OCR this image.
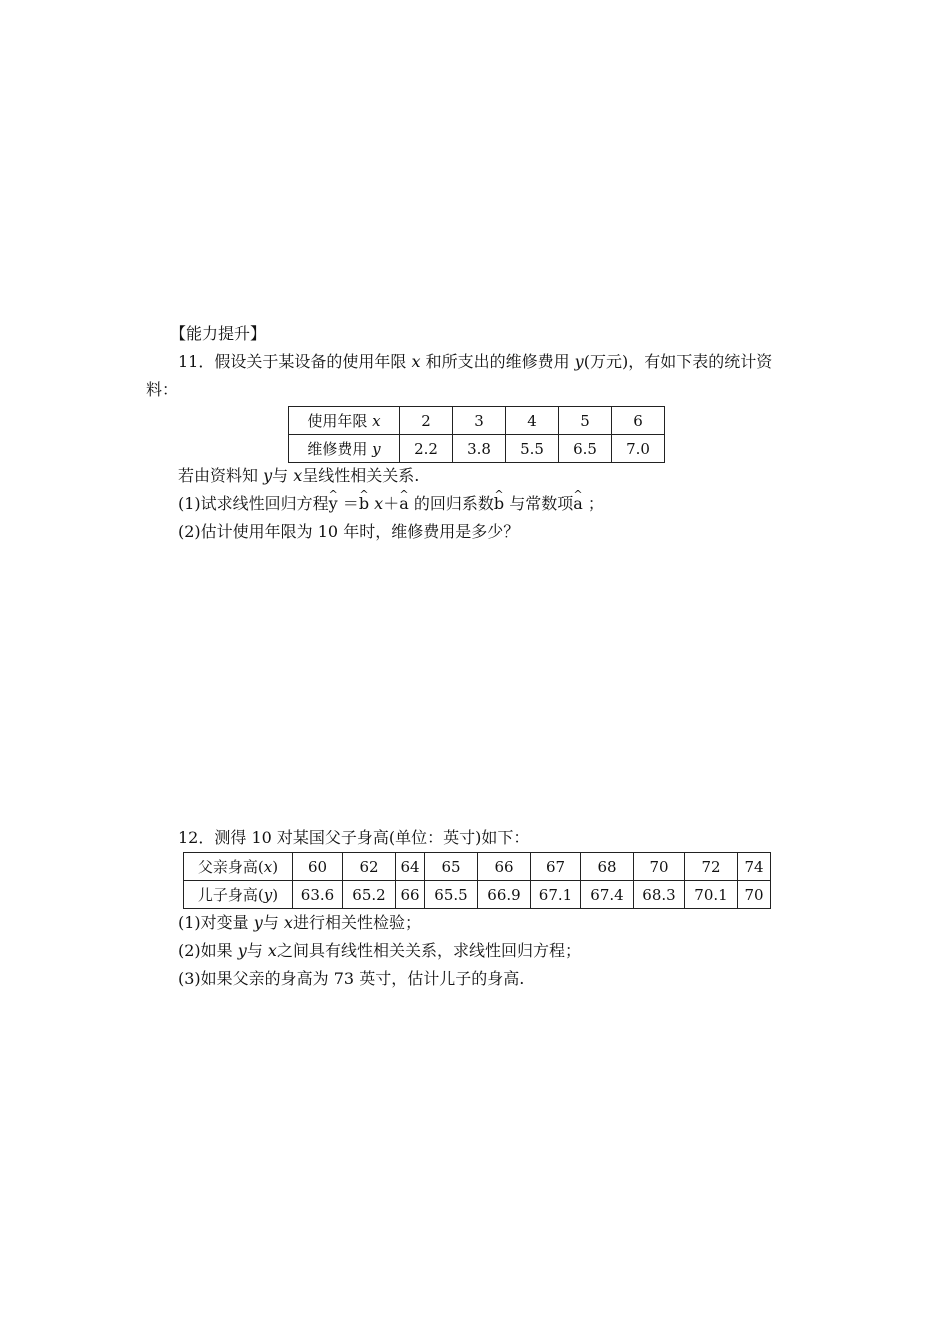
【能力提升】
11．假设关于某设备的使用年限 x 和所支出的维修费用 y(万元)，有如下表的统计资
料：
使用年限 x	2	3	4	5	6
维修费用 y	2.2	3.8	5.5	6.5	7.0
若由资料知 y与 x呈线性相关关系.
(1)试求线性回归方程^ y ＝^ b x＋^ a 的回归系数^ b 与常数项^ a ；
(2)估计使用年限为 10 年时，维修费用是多少？
12．测得 10 对某国父子身高(单位：英寸)如下：
父亲身高(x)	60	62	64	65	66	67	68	70	72	74
儿子身高(y)	63.6	65.2	66	65.5	66.9	67.1	67.4	68.3	70.1	70
(1)对变量 y与 x进行相关性检验；
(2)如果 y与 x之间具有线性相关关系，求线性回归方程；
(3)如果父亲的身高为 73 英寸，估计儿子的身高.
